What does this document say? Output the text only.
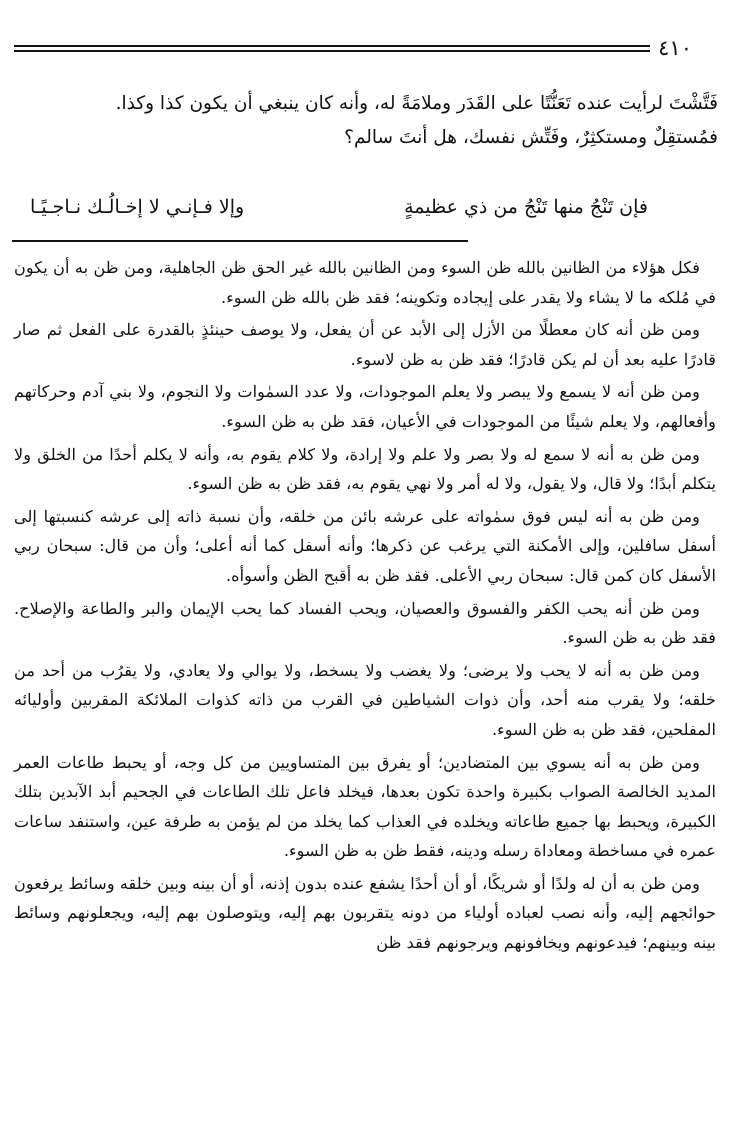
٤١٠

فَتَّشْتَ لرأيت عنده تَعَنُّتًا على القَدَر وملامَةً له، وأنه كان ينبغي أن يكون كذا وكذا.

فمُستقِلٌ ومستكثِرٌ، وفَتِّش نفسك، هل أنتَ سالم؟

فإن تَنْجُ منها تَنْجُ من ذي عظيمةٍ
وإلا فـإنـي لا إخـالُـك نـاجـيًـا

فكل هؤلاء من الظانين بالله ظن السوء ومن الظانين بالله غير الحق ظن الجاهلية، ومن ظن به أن يكون في مُلكه ما لا يشاء ولا يقدر على إيجاده وتكوينه؛ فقد ظن بالله ظن السوء.

ومن ظن أنه كان معطلًا من الأزل إلى الأبد عن أن يفعل، ولا يوصف حينئذٍ بالقدرة على الفعل ثم صار قادرًا عليه بعد أن لم يكن قادرًا؛ فقد ظن به ظن لاسوء.

ومن ظن أنه لا يسمع ولا يبصر ولا يعلم الموجودات، ولا عدد السمٰوات ولا النجوم، ولا بني آدم وحركاتهم وأفعالهم، ولا يعلم شيئًا من الموجودات في الأعيان، فقد ظن به ظن السوء.

ومن ظن به أنه لا سمع له ولا بصر ولا علم ولا إرادة، ولا كلام يقوم به، وأنه لا يكلم أحدًا من الخلق ولا يتكلم أبدًا؛ ولا قال، ولا يقول، ولا له أمر ولا نهي يقوم به، فقد ظن به ظن السوء.

ومن ظن به أنه ليس فوق سمٰواته على عرشه بائن من خلقه، وأن نسبة ذاته إلى عرشه كنسبتها إلى أسفل سافلين، وإلى الأمكنة التي يرغب عن ذكرها؛ وأنه أسفل كما أنه أعلى؛ وأن من قال: سبحان ربي الأسفل كان كمن قال: سبحان ربي الأعلى. فقد ظن به أقبح الظن وأسوأه.

ومن ظن أنه يحب الكفر والفسوق والعصيان، ويحب الفساد كما يحب الإيمان والبر والطاعة والإصلاح. فقد ظن به ظن السوء.

ومن ظن به أنه لا يحب ولا يرضى؛ ولا يغضب ولا يسخط، ولا يوالي ولا يعادي، ولا يقرُب من أحد من خلقه؛ ولا يقرب منه أحد، وأن ذوات الشياطين في القرب من ذاته كذوات الملائكة المقربين وأوليائه المفلحين، فقد ظن به ظن السوء.

ومن ظن به أنه يسوي بين المتضادين؛ أو يفرق بين المتساويين من كل وجه، أو يحبط طاعات العمر المديد الخالصة الصواب بكبيرة واحدة تكون بعدها، فيخلد فاعل تلك الطاعات في الجحيم أبد الآبدين بتلك الكبيرة، ويحبط بها جميع طاعاته ويخلده في العذاب كما يخلد من لم يؤمن به طرفة عين، واستنفد ساعات عمره في مساخطة ومعاداة رسله ودينه، فقط ظن به ظن السوء.

ومن ظن به أن له ولدًا أو شريكًا، أو أن أحدًا يشفع عنده بدون إذنه، أو أن بينه وبين خلقه وسائط يرفعون حوائجهم إليه، وأنه نصب لعباده أولياء من دونه يتقربون بهم إليه، ويتوصلون بهم إليه، ويجعلونهم وسائط بينه وبينهم؛ فيدعونهم ويخافونهم ويرجونهم فقد ظن
